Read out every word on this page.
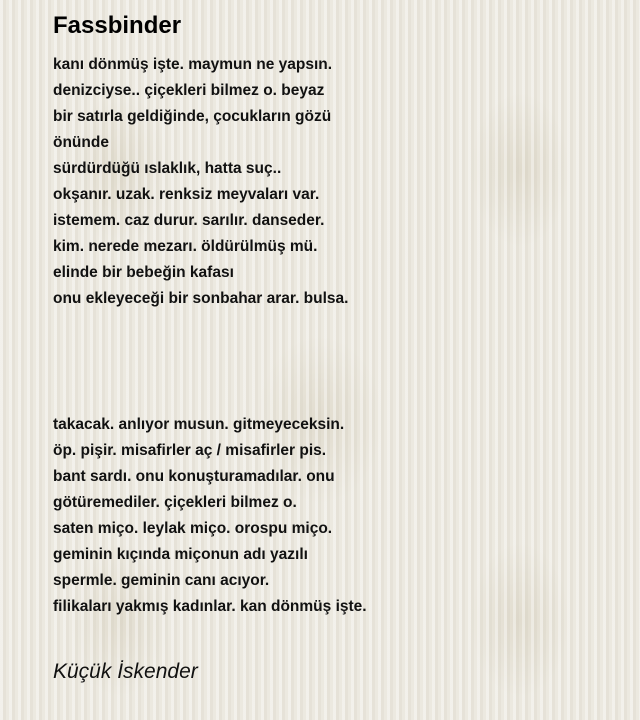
Fassbinder
kanı dönmüş işte. maymun ne yapsın.
denizciyse.. çiçekleri bilmez o. beyaz
bir satırla geldiğinde, çocukların gözü
önünde
sürdürdüğü ıslaklık, hatta suç..
okşanır. uzak. renksiz meyvaları var.
istemem. caz durur. sarılır. danseder.
kim. nerede mezarı. öldürülmüş mü.
elinde bir bebeğin kafası
onu ekleyeceği bir sonbahar arar. bulsa.
takacak. anlıyor musun. gitmeyeceksin.
öp. pişir. misafirler aç / misafirler pis.
bant sardı. onu konuşturamadılar. onu
götüremediler. çiçekleri bilmez o.
saten miço. leylak miço. orospu miço.
geminin kıçında miçonun adı yazılı
spermle. geminin canı acıyor.
filikaları yakmış kadınlar. kan dönmüş işte.
Küçük İskender
